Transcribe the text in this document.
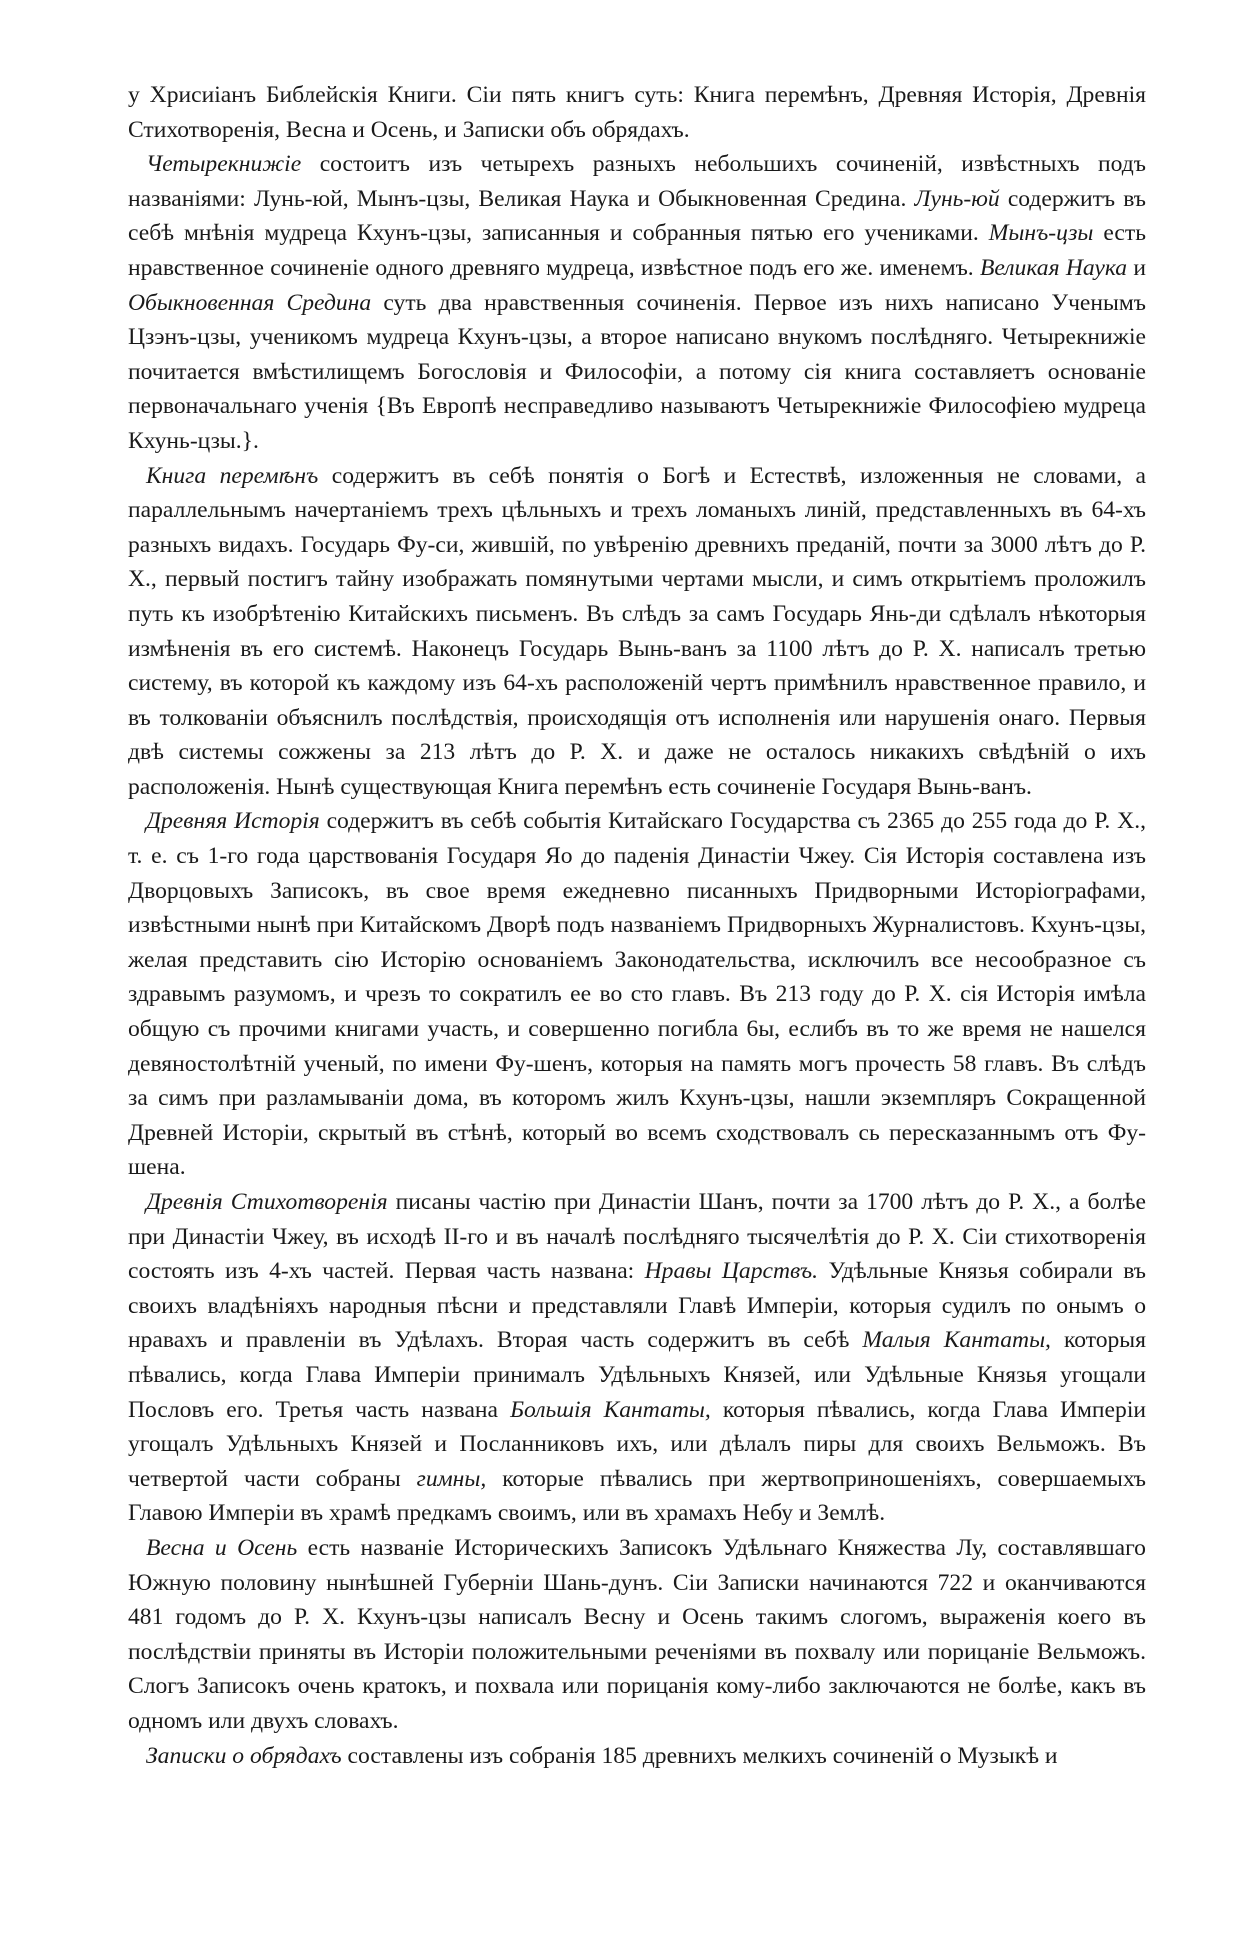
у Хрисиіанъ Библейскія Книги. Сіи пять книгъ суть: Книга перемѣнъ, Древняя Исторія, Древнія Стихотворенія, Весна и Осень, и Записки объ обрядахъ.

Четырекнижіе состоитъ изъ четырехъ разныхъ небольшихъ сочиненій, извѣстныхъ подъ названіями: Лунь-юй, Мынъ-цзы, Великая Наука и Обыкновенная Средина. Лунь-юй содержитъ въ себѣ мнѣнія мудреца Кхунъ-цзы, записанныя и собранныя пятью его учениками. Мынъ-цзы есть нравственное сочиненіе одного древняго мудреца, извѣстное подъ его же. именемъ. Великая Наука и Обыкновенная Средина суть два нравственныя сочиненія. Первое изъ нихъ написано Ученымъ Цзэнъ-цзы, ученикомъ мудреца Кхунъ-цзы, а второе написано внукомъ послѣдняго. Четырекнижіе почитается вмѣстилищемъ Богословія и Философіи, а потому сія книга составляетъ основаніе первоначальнаго ученія {Въ Европѣ несправедливо называютъ Четырекнижіе Философіею мудреца Кхунь-цзы.}.

Книга перемѣнъ содержитъ въ себѣ понятія о Богѣ и Естествѣ, изложенныя не словами, а параллельнымъ начертаніемъ трехъ цѣльныхъ и трехъ ломаныхъ линій, представленныхъ въ 64-хъ разныхъ видахъ. Государь Фу-си, жившій, по увѣренію древнихъ преданій, почти за 3000 лѣтъ до Р. Х., первый постигъ тайну изображать помянутыми чертами мысли, и симъ открытіемъ проложилъ путь къ изобрѣтенію Китайскихъ письменъ. Въ слѣдъ за самъ Государь Янь-ди сдѣлалъ нѣкоторыя измѣненія въ его системѣ. Наконецъ Государь Вынь-ванъ за 1100 лѣтъ до Р. Х. написалъ третью систему, въ которой къ каждому изъ 64-хъ расположеній чертъ примѣнилъ нравственное правило, и въ толкованіи объяснилъ послѣдствія, происходящія отъ исполненія или нарушенія онаго. Первыя двѣ системы сожжены за 213 лѣтъ до Р. Х. и даже не осталось никакихъ свѣдѣній о ихъ расположенія. Нынѣ существующая Книга перемѣнъ есть сочиненіе Государя Вынь-ванъ.

Древняя Исторія содержитъ въ себѣ событія Китайскаго Государства съ 2365 до 255 года до Р. Х., т. е. съ 1-го года царствованія Государя Яо до паденія Династіи Чжеу. Сія Исторія составлена изъ Дворцовыхъ Записокъ, въ свое время ежедневно писанныхъ Придворными Исторіографами, извѣстными нынѣ при Китайскомъ Дворѣ подъ названіемъ Придворныхъ Журналистовъ. Кхунъ-цзы, желая представить сію Исторію основаніемъ Законодательства, исключилъ все несообразное съ здравымъ разумомъ, и чрезъ то сократилъ ее во сто главъ. Въ 213 году до Р. Х. сія Исторія имѣла общую съ прочими книгами участь, и совершенно погибла 6ы, еслибъ въ то же время не нашелся девяностолѣтній ученый, по имени Фу-шенъ, которыя на память могъ прочесть 58 главъ. Въ слѣдъ за симъ при разламываніи дома, въ которомъ жилъ Кхунъ-цзы, нашли экземпляръ Сокращенной Древней Исторіи, скрытый въ стѣнѣ, который во всемъ сходствовалъ сь пересказаннымъ отъ Фу-шена.

Древнія Стихотворенія писаны частію при Династіи Шанъ, почти за 1700 лѣтъ до Р. Х., а болѣе при Династіи Чжеу, въ исходѣ II-го и въ началѣ послѣдняго тысячелѣтія до Р. Х. Сіи стихотворенія состоять изъ 4-хъ частей. Первая часть названа: Нравы Царствъ. Удѣльные Князья собирали въ своихъ владѣніяхъ народныя пѣсни и представляли Главѣ Имперіи, которыя судилъ по онымъ о нравахъ и правленіи въ Удѣлахъ. Вторая часть содержитъ въ себѣ Малыя Кантаты, которыя пѣвались, когда Глава Имперіи принималъ Удѣльныхъ Князей, или Удѣльные Князья угощали Пословъ его. Третья часть названа Большія Кантаты, которыя пѣвались, когда Глава Имперіи угощалъ Удѣльныхъ Князей и Посланниковъ ихъ, или дѣлалъ пиры для своихъ Вельможъ. Въ четвертой части собраны гимны, которые пѣвались при жертвоприношеніяхъ, совершаемыхъ Главою Имперіи въ храмѣ предкамъ своимъ, или въ храмахъ Небу и Землѣ.

Весна и Осень есть названіе Историческихъ Записокъ Удѣльнаго Княжества Лу, составлявшаго Южную половину нынѣшней Губерніи Шань-дунъ. Сіи Записки начинаются 722 и оканчиваются 481 годомъ до Р. Х. Кхунъ-цзы написалъ Весну и Осень такимъ слогомъ, выраженія коего въ послѣдствіи приняты въ Исторіи положительными реченіями въ похвалу или порицаніе Вельможъ. Слогъ Записокъ очень кратокъ, и похвала или порицанія кому-либо заключаются не болѣе, какъ въ одномъ или двухъ словахъ.

Записки о обрядахъ составлены изъ собранія 185 древнихъ мелкихъ сочиненій о Музыкѣ и
